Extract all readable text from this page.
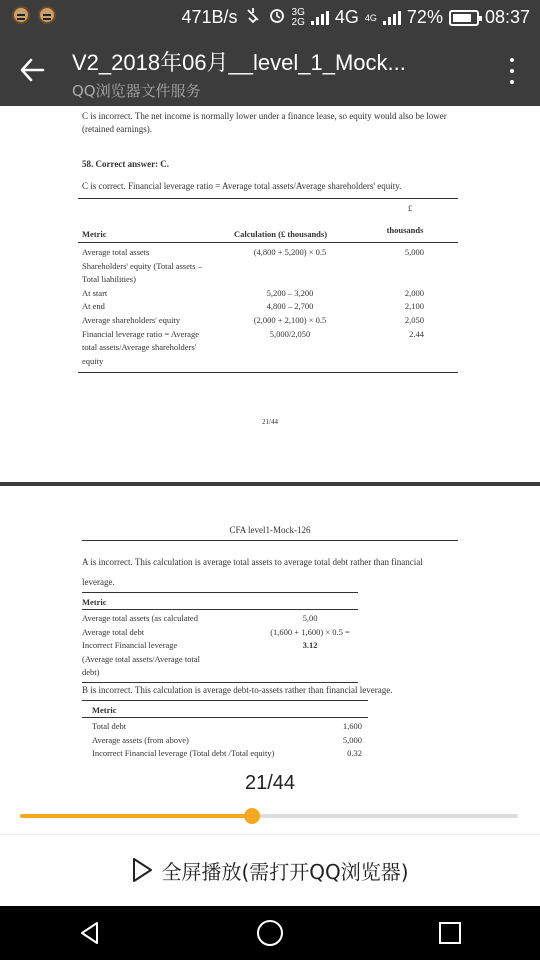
471B/s	3G
2G 4G 4G 72% 08:37
V2_2018年06月__level_1_Mock...
QQ浏览器文件服务
C is incorrect. The net income is normally lower under a finance lease, so equity would also be lower (retained earnings).
58. Correct answer: C.
C is correct. Financial leverage ratio = Average total assets/Average shareholders' equity.
£
Metric	Calculation (£ thousands)	thousands
Average total assets	(4,800 + 5,200) × 0.5	5,000
Shareholders' equity (Total assets –
Total liabilities)
At start	5,200 – 3,200	2,000
At end	4,800 – 2,700	2,100
Average shareholders' equity	(2,000 + 2,100) × 0.5	2,050
Financial leverage ratio = Average	5,000/2,050	2.44
total assets/Average shareholders'
equity
21/44
CFA level1-Mock-126
A is incorrect. This calculation is average total assets to average total debt rather than financial
leverage.
Metric
Average total assets (as calculated	5,00
Average total debt	(1,600 + 1,600) × 0.5 =
Incorrect Financial leverage	3.12
(Average total assets/Average total
debt)
B is incorrect. This calculation is average debt-to-assets rather than financial leverage.
Metric
Total debt	1,600
Average assets (from above)	5,000
Incorrect Financial leverage (Total debt /Total equity)	0.32
21/44
全屏播放(需打开QQ浏览器)
